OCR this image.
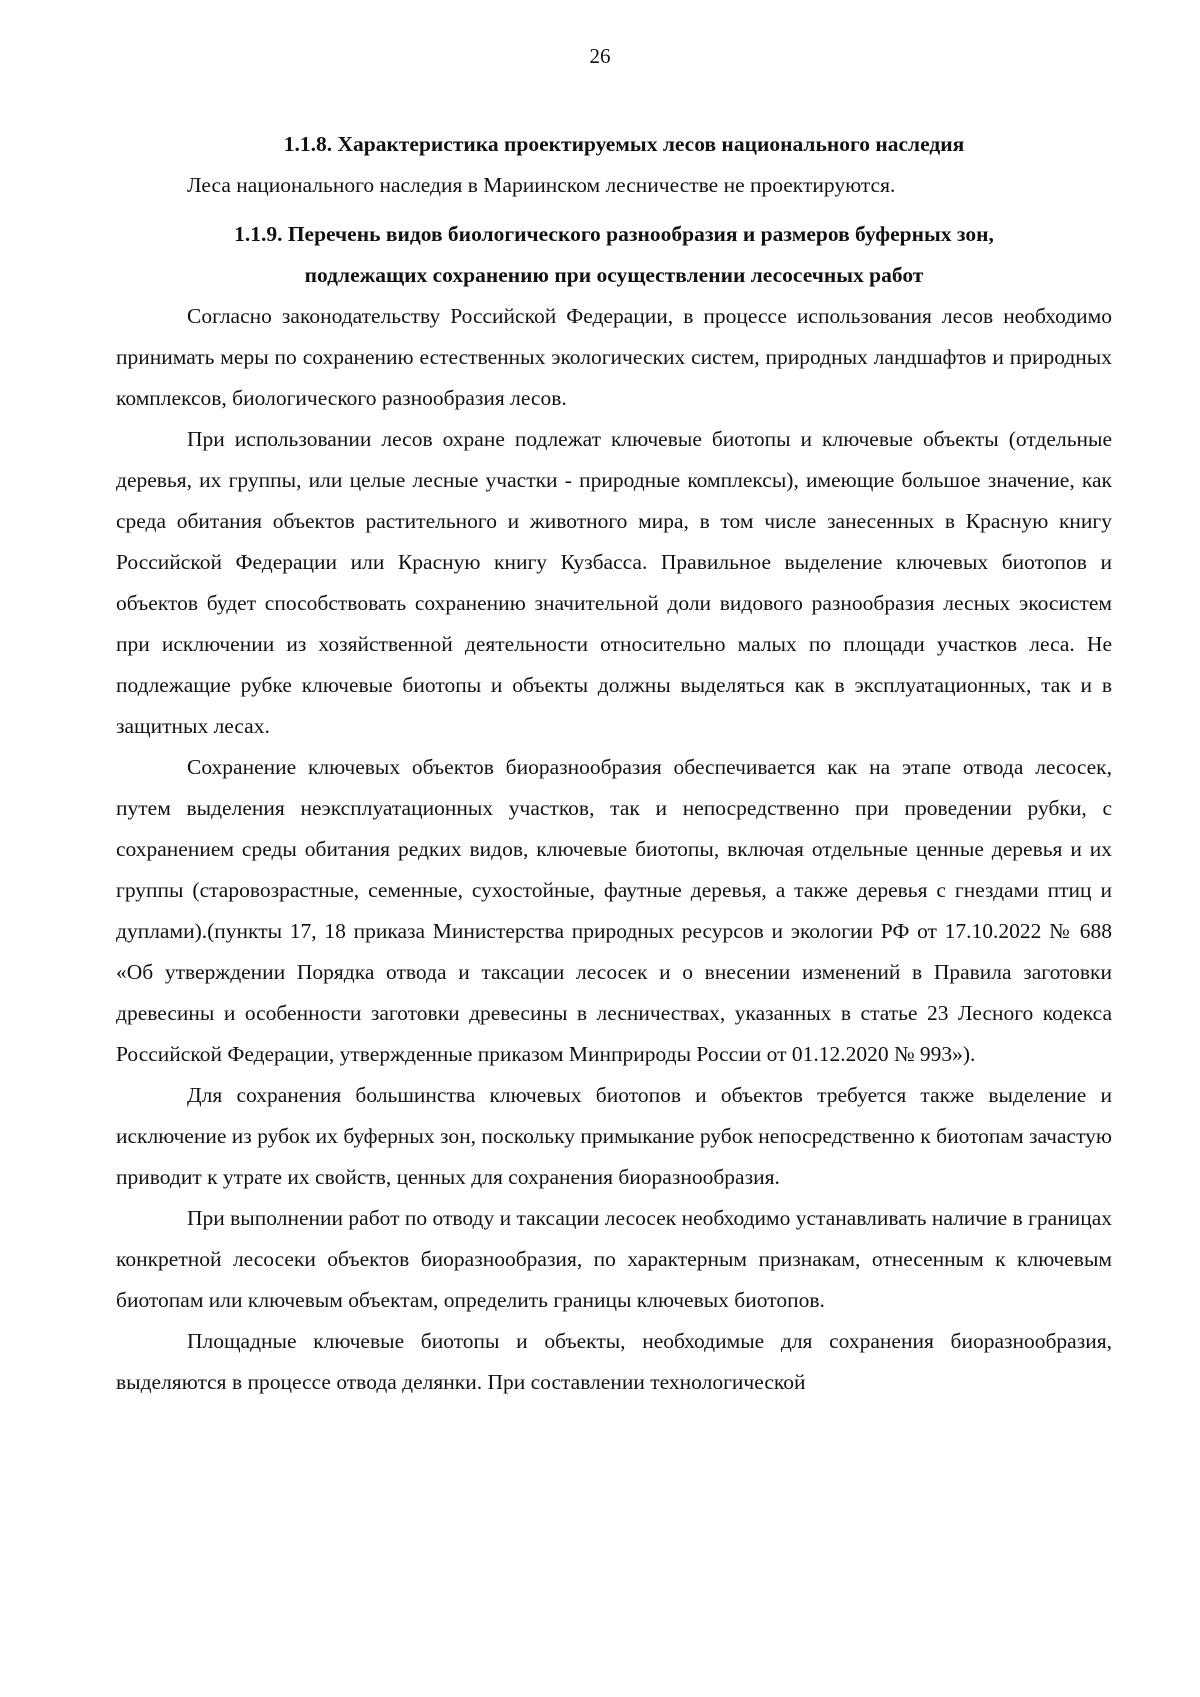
26

1.1.8. Характеристика проектируемых лесов национального наследия

Леса национального наследия в Мариинском лесничестве не проектируются.

1.1.9. Перечень видов биологического разнообразия и размеров буферных зон,

подлежащих сохранению при осуществлении лесосечных работ

Согласно законодательству Российской Федерации, в процессе использования лесов необходимо принимать меры по сохранению естественных экологических систем, природных ландшафтов и природных комплексов, биологического разнообразия лесов.

При использовании лесов охране подлежат ключевые биотопы и ключевые объекты (отдельные деревья, их группы, или целые лесные участки - природные комплексы), имеющие большое значение, как среда обитания объектов растительного и животного мира, в том числе занесенных в Красную книгу Российской Федерации или Красную книгу Кузбасса. Правильное выделение ключевых биотопов и объектов будет способствовать сохранению значительной доли видового разнообразия лесных экосистем при исключении из хозяйственной деятельности относительно малых по площади участков леса. Не подлежащие рубке ключевые биотопы и объекты должны выделяться как в эксплуатационных, так и в защитных лесах.

Сохранение ключевых объектов биоразнообразия обеспечивается как на этапе отвода лесосек, путем выделения неэксплуатационных участков, так и непосредственно при проведении рубки, с сохранением среды обитания редких видов, ключевые биотопы, включая отдельные ценные деревья и их группы (старовозрастные, семенные, сухостойные, фаутные деревья, а также деревья с гнездами птиц и дуплами).(пункты 17, 18 приказа Министерства природных ресурсов и экологии РФ от 17.10.2022 № 688 «Об утверждении Порядка отвода и таксации лесосек и о внесении изменений в Правила заготовки древесины и особенности заготовки древесины в лесничествах, указанных в статье 23 Лесного кодекса Российской Федерации, утвержденные приказом Минприроды России от 01.12.2020 № 993»).

Для сохранения большинства ключевых биотопов и объектов требуется также выделение и исключение из рубок их буферных зон, поскольку примыкание рубок непосредственно к биотопам зачастую приводит к утрате их свойств, ценных для сохранения биоразнообразия.

При выполнении работ по отводу и таксации лесосек необходимо устанавливать наличие в границах конкретной лесосеки объектов биоразнообразия, по характерным признакам, отнесенным к ключевым биотопам или ключевым объектам, определить границы ключевых биотопов.

Площадные ключевые биотопы и объекты, необходимые для сохранения биоразнообразия, выделяются в процессе отвода делянки. При составлении технологической
